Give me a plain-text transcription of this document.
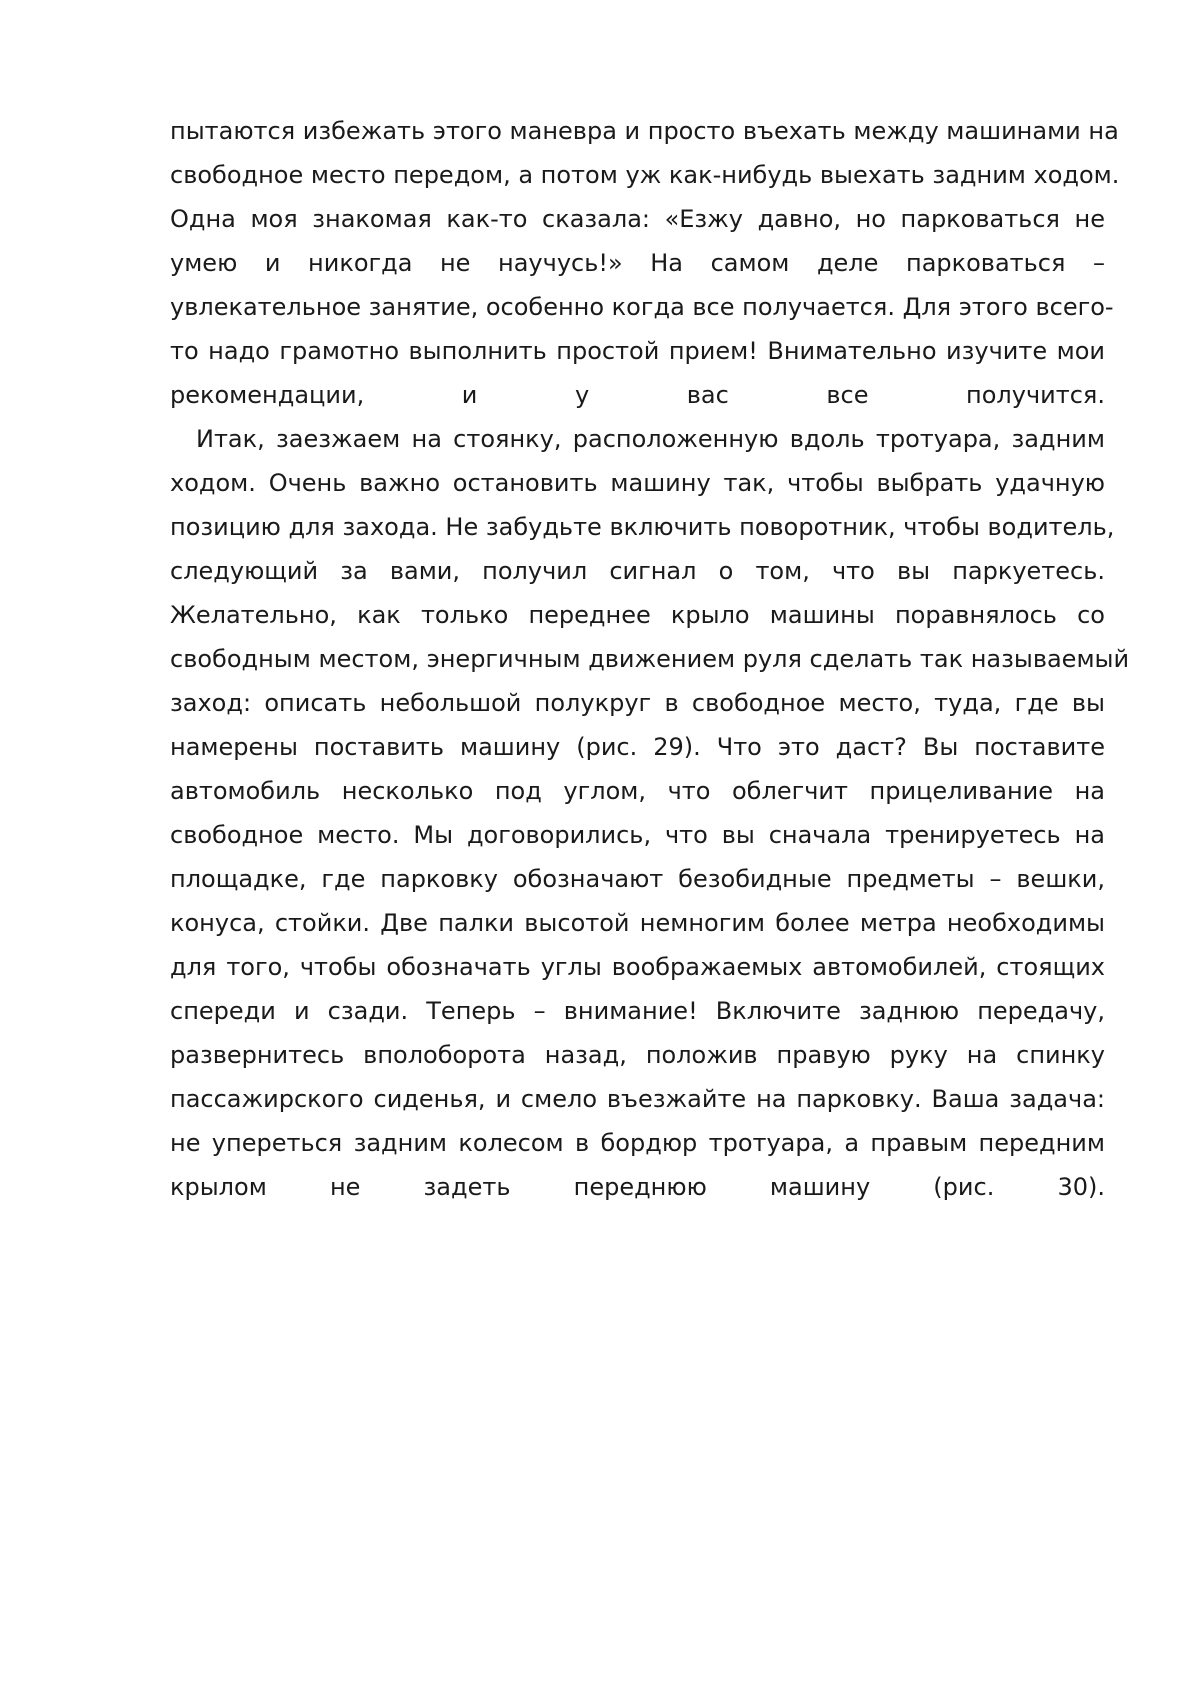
пытаются избежать этого маневра и просто въехать между машинами на
свободное место передом, а потом уж как-нибудь выехать задним ходом.
Одна моя знакомая как-то сказала: «Езжу давно, но парковаться не
умею и никогда не научусь!» На самом деле парковаться –
увлекательное занятие, особенно когда все получается. Для этого всего-
то надо грамотно выполнить простой прием! Внимательно изучите мои
рекомендации, и у вас все получится.
Итак, заезжаем на стоянку, расположенную вдоль тротуара, задним
ходом. Очень важно остановить машину так, чтобы выбрать удачную
позицию для захода. Не забудьте включить поворотник, чтобы водитель,
следующий за вами, получил сигнал о том, что вы паркуетесь.
Желательно, как только переднее крыло машины поравнялось со
свободным местом, энергичным движением руля сделать так называемый
заход: описать небольшой полукруг в свободное место, туда, где вы
намерены поставить машину (рис. 29). Что это даст? Вы поставите
автомобиль несколько под углом, что облегчит прицеливание на
свободное место. Мы договорились, что вы сначала тренируетесь на
площадке, где парковку обозначают безобидные предметы – вешки,
конуса, стойки. Две палки высотой немногим более метра необходимы
для того, чтобы обозначать углы воображаемых автомобилей, стоящих
спереди и сзади. Теперь – внимание! Включите заднюю передачу,
развернитесь вполоборота назад, положив правую руку на спинку
пассажирского сиденья, и смело въезжайте на парковку. Ваша задача:
не упереться задним колесом в бордюр тротуара, а правым передним
крылом не задеть переднюю машину (рис. 30).
